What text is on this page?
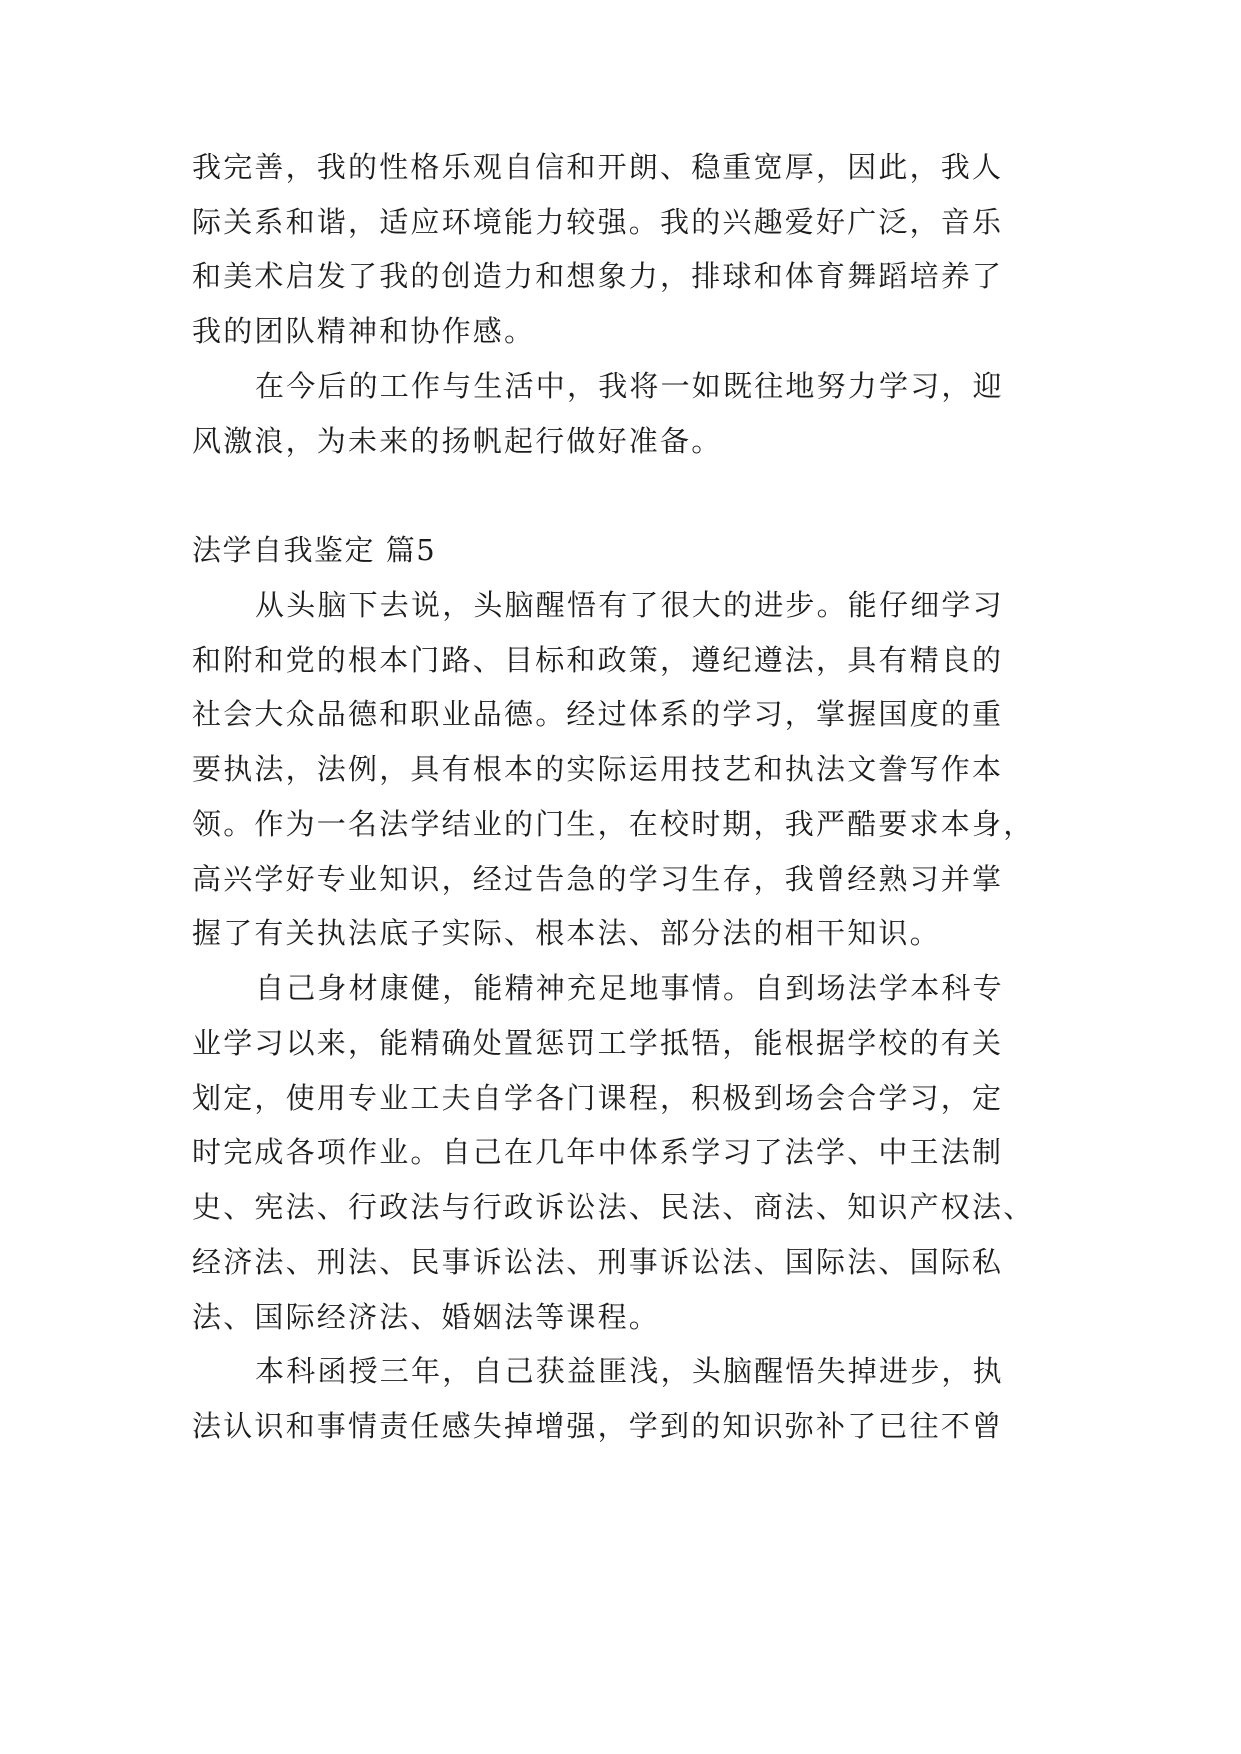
我完善，我的性格乐观自信和开朗、稳重宽厚，因此，我人

际关系和谐，适应环境能力较强。我的兴趣爱好广泛，音乐

和美术启发了我的创造力和想象力，排球和体育舞蹈培养了

我的团队精神和协作感。

在今后的工作与生活中，我将一如既往地努力学习，迎

风激浪，为未来的扬帆起行做好准备。

法学自我鉴定 篇5

从头脑下去说，头脑醒悟有了很大的进步。能仔细学习

和附和党的根本门路、目标和政策，遵纪遵法，具有精良的

社会大众品德和职业品德。经过体系的学习，掌握国度的重

要执法，法例，具有根本的实际运用技艺和执法文誊写作本

领。作为一名法学结业的门生，在校时期，我严酷要求本身，

高兴学好专业知识，经过告急的学习生存，我曾经熟习并掌

握了有关执法底子实际、根本法、部分法的相干知识。

自己身材康健，能精神充足地事情。自到场法学本科专

业学习以来，能精确处置惩罚工学抵牾，能根据学校的有关

划定，使用专业工夫自学各门课程，积极到场会合学习，定

时完成各项作业。自己在几年中体系学习了法学、中王法制

史、宪法、行政法与行政诉讼法、民法、商法、知识产权法、

经济法、刑法、民事诉讼法、刑事诉讼法、国际法、国际私

法、国际经济法、婚姻法等课程。

本科函授三年，自己获益匪浅，头脑醒悟失掉进步，执

法认识和事情责任感失掉增强，学到的知识弥补了已往不曾
